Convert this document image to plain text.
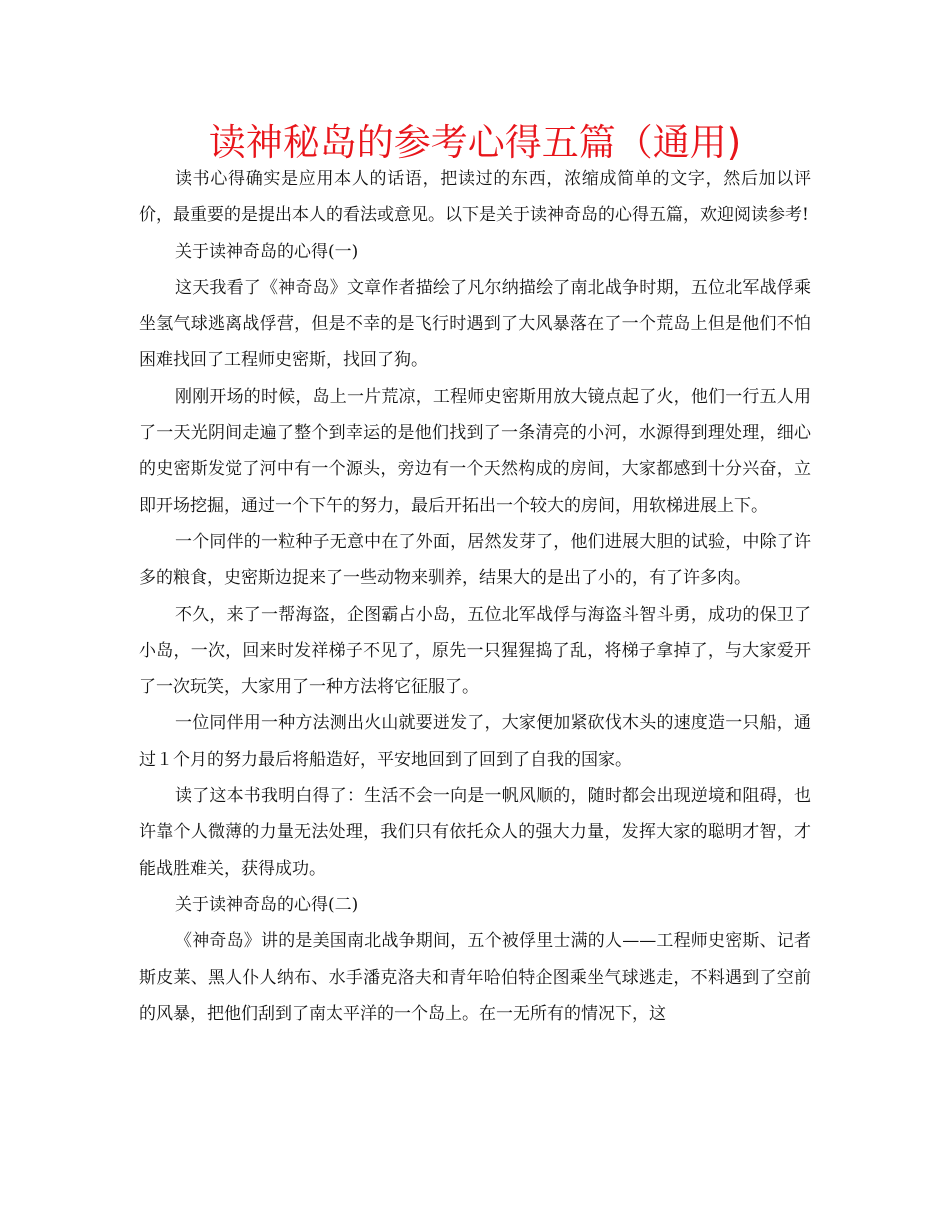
读神秘岛的参考心得五篇（通用)

读书心得确实是应用本人的话语，把读过的东西，浓缩成简单的文字，然后加以评价，最重要的是提出本人的看法或意见。以下是关于读神奇岛的心得五篇，欢迎阅读参考!

关于读神奇岛的心得(一)

这天我看了《神奇岛》文章作者描绘了凡尔纳描绘了南北战争时期，五位北军战俘乘坐氢气球逃离战俘营，但是不幸的是飞行时遇到了大风暴落在了一个荒岛上但是他们不怕困难找回了工程师史密斯，找回了狗。

刚刚开场的时候，岛上一片荒凉，工程师史密斯用放大镜点起了火，他们一行五人用了一天光阴间走遍了整个到幸运的是他们找到了一条清亮的小河，水源得到理处理，细心的史密斯发觉了河中有一个源头，旁边有一个天然构成的房间，大家都感到十分兴奋，立即开场挖掘，通过一个下午的努力，最后开拓出一个较大的房间，用软梯进展上下。

一个同伴的一粒种子无意中在了外面，居然发芽了，他们进展大胆的试验，中除了许多的粮食，史密斯边捉来了一些动物来驯养，结果大的是出了小的，有了许多肉。

不久，来了一帮海盗，企图霸占小岛，五位北军战俘与海盗斗智斗勇，成功的保卫了小岛，一次，回来时发祥梯子不见了，原先一只猩猩捣了乱，将梯子拿掉了，与大家爱开了一次玩笑，大家用了一种方法将它征服了。

一位同伴用一种方法测出火山就要迸发了，大家便加紧砍伐木头的速度造一只船，通过１个月的努力最后将船造好，平安地回到了回到了自我的国家。

读了这本书我明白得了：生活不会一向是一帆风顺的，随时都会出现逆境和阻碍，也许靠个人微薄的力量无法处理，我们只有依托众人的强大力量，发挥大家的聪明才智，才能战胜难关，获得成功。

关于读神奇岛的心得(二)

《神奇岛》讲的是美国南北战争期间，五个被俘里士满的人——工程师史密斯、记者斯皮莱、黑人仆人纳布、水手潘克洛夫和青年哈伯特企图乘坐气球逃走，不料遇到了空前的风暴，把他们刮到了南太平洋的一个岛上。在一无所有的情况下，这
